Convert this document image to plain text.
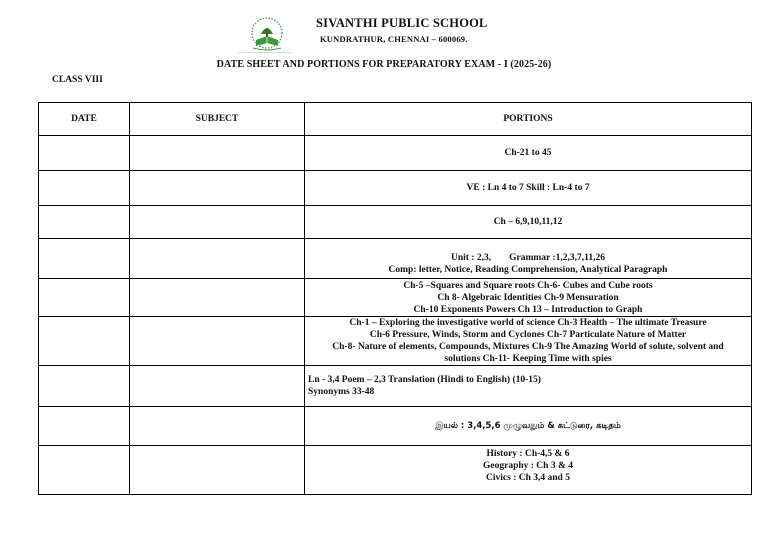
SIVANTHI PUBLIC SCHOOL
KUNDRATHUR, CHENNAI – 600069.
DATE SHEET AND PORTIONS FOR PREPARATORY EXAM - I (2025-26)
CLASS VIII
DATE	SUBJECT	PORTIONS
		Ch-21 to 45
		VE : Ln 4 to 7 Skill : Ln-4 to 7
		Ch – 6,9,10,11,12
		Unit : 2,3, Grammar :1,2,3,7,11,26
Comp: letter, Notice, Reading Comprehension, Analytical Paragraph
		Ch-5 –Squares and Square roots Ch-6- Cubes and Cube roots
Ch 8- Algebraic Identities Ch-9 Mensuration
Ch-10 Exponents Powers Ch 13 – Introduction to Graph
		Ch-1 – Exploring the investigative world of science Ch-3 Health – The ultimate Treasure
Ch-6 Pressure, Winds, Storm and Cyclones Ch-7 Particulate Nature of Matter
Ch-8- Nature of elements, Compounds, Mixtures Ch-9 The Amazing World of solute, solvent and
solutions Ch-11- Keeping Time with spies
		Ln - 3,4 Poem – 2,3 Translation (Hindi to English) (10-15)
Synonyms 33-48
		இயல் : 3,4,5,6 முழுவதும் & கட்டுரை, கடிதம்
		History : Ch-4,5 & 6
Geography : Ch 3 & 4
Civics : Ch 3,4 and 5
